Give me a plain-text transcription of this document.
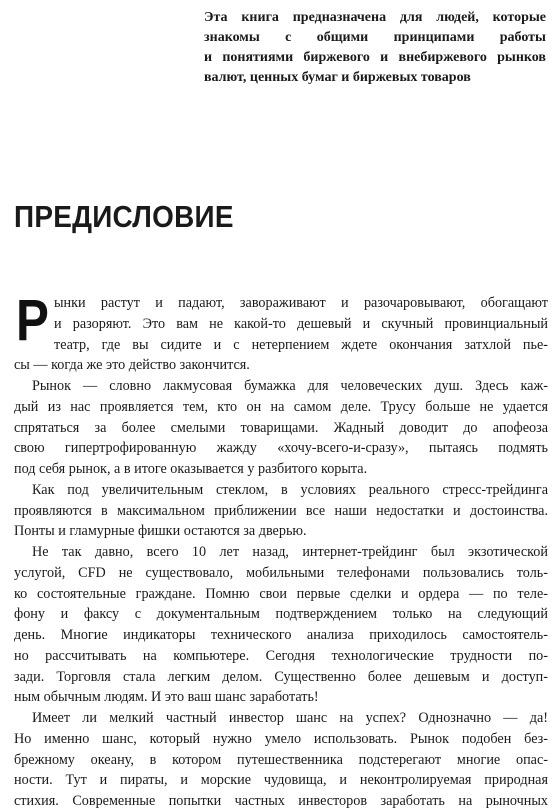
Эта книга предназначена для людей, которые
знакомы с общими принципами работы
и понятиями биржевого и внебиржевого рынков
валют, ценных бумаг и биржевых товаров
ПРЕДИСЛОВИЕ
Р ынки растут и падают, завораживают и разочаровывают, обогащают
и разоряют. Это вам не какой-то дешевый и скучный провинциальный
театр, где вы сидите и с нетерпением ждете окончания затхлой пье-
сы — когда же это действо закончится.
Рынок — словно лакмусовая бумажка для человеческих душ. Здесь каж-
дый из нас проявляется тем, кто он на самом деле. Трусу больше не удается
спрятаться за более смелыми товарищами. Жадный доводит до апофеоза
свою гипертрофированную жажду «хочу-всего-и-сразу», пытаясь подмять
под себя рынок, а в итоге оказывается у разбитого корыта.
Как под увеличительным стеклом, в условиях реального стресс-трейдинга
проявляются в максимальном приближении все наши недостатки и достоинства.
Понты и гламурные фишки остаются за дверью.
Не так давно, всего 10 лет назад, интернет-трейдинг был экзотической
услугой, CFD не существовало, мобильными телефонами пользовались толь-
ко состоятельные граждане. Помню свои первые сделки и ордера — по теле-
фону и факсу с документальным подтверждением только на следующий
день. Многие индикаторы технического анализа приходилось самостоятель-
но рассчитывать на компьютере. Сегодня технологические трудности по-
зади. Торговля стала легким делом. Существенно более дешевым и доступ-
ным обычным людям. И это ваш шанс заработать!
Имеет ли мелкий частный инвестор шанс на успех? Однозначно — да!
Но именно шанс, который нужно умело использовать. Рынок подобен без-
брежному океану, в котором путешественника подстерегают многие опас-
ности. Тут и пираты, и морские чудовища, и неконтролируемая природная
стихия. Современные попытки частных инвесторов заработать на рыночных
